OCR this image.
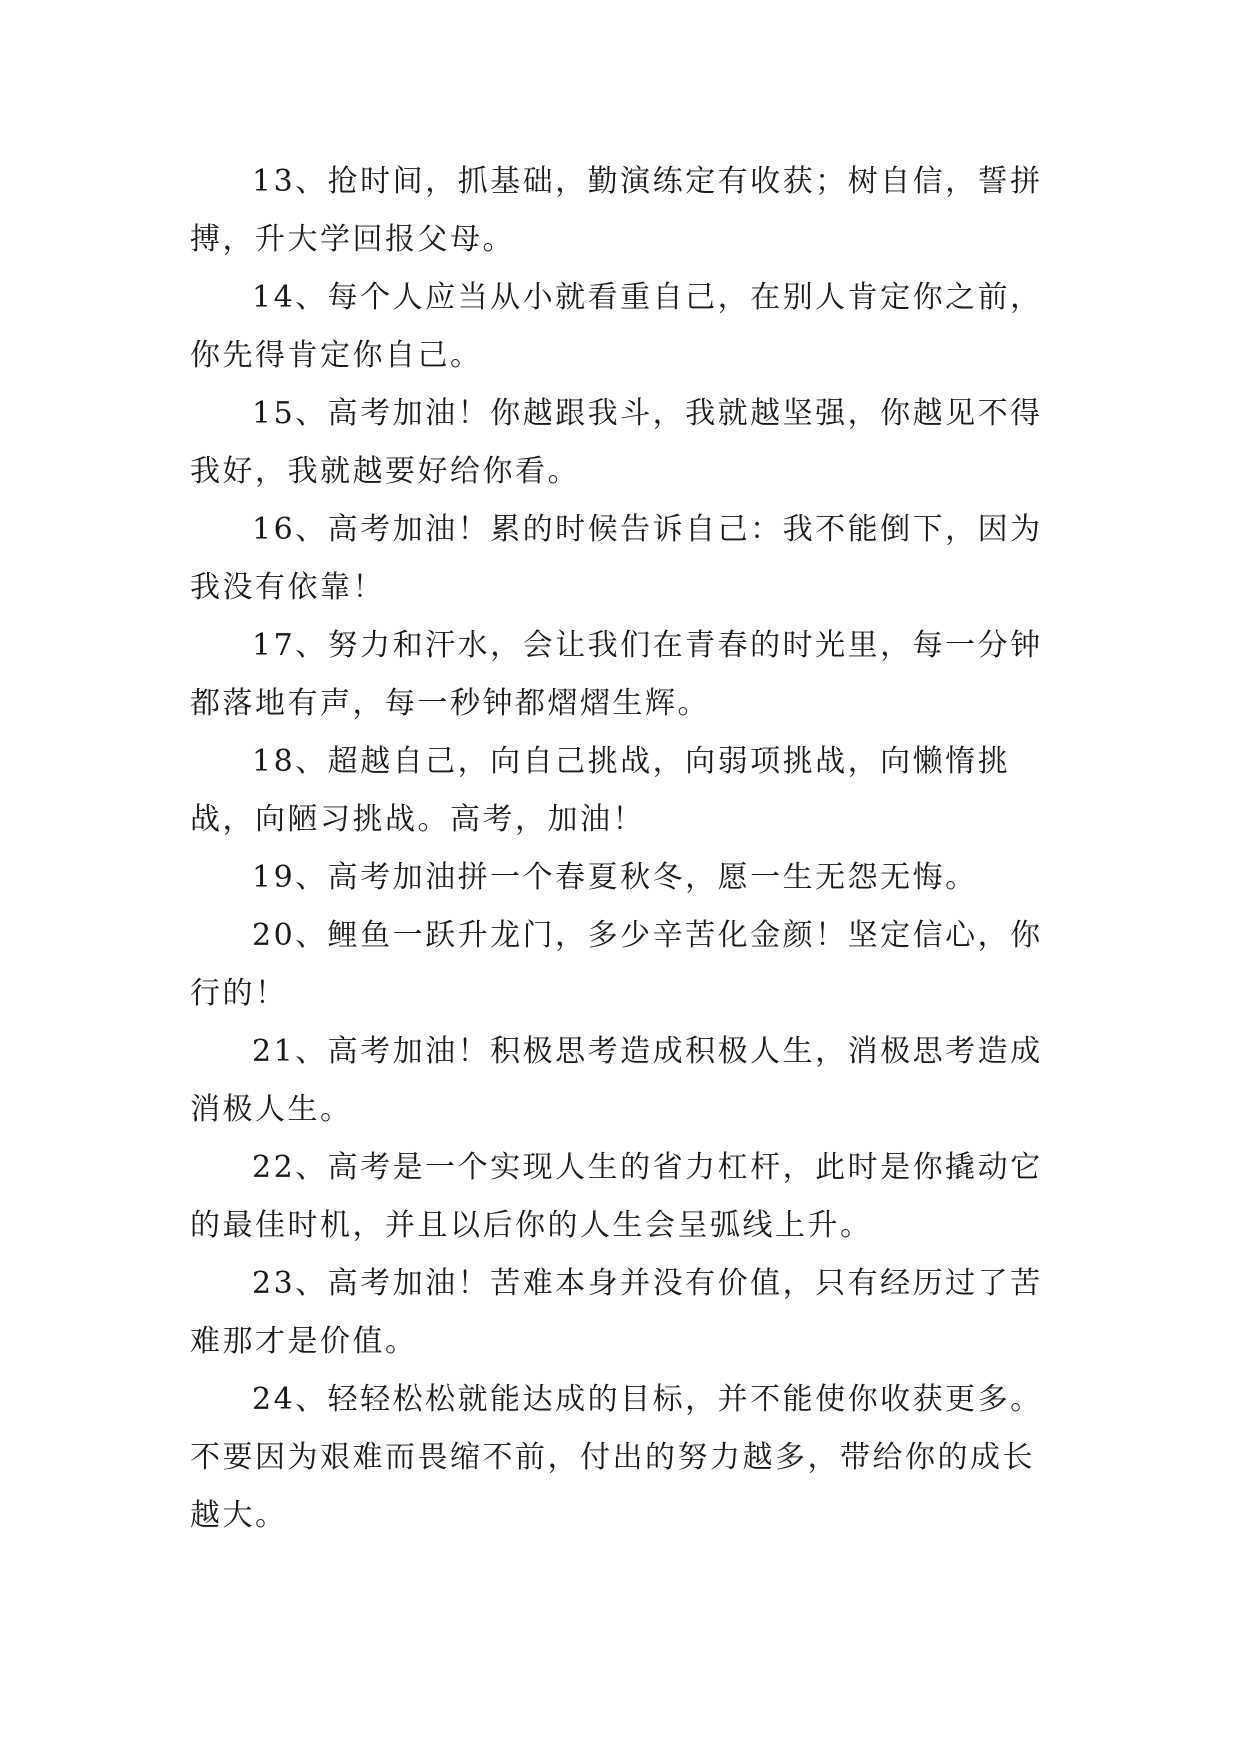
13、抢时间，抓基础，勤演练定有收获；树自信，誓拼搏，升大学回报父母。

14、每个人应当从小就看重自己，在别人肯定你之前，你先得肯定你自己。

15、高考加油！你越跟我斗，我就越坚强，你越见不得我好，我就越要好给你看。

16、高考加油！累的时候告诉自己：我不能倒下，因为我没有依靠！

17、努力和汗水，会让我们在青春的时光里，每一分钟都落地有声，每一秒钟都熠熠生辉。

18、超越自己，向自己挑战，向弱项挑战，向懒惰挑战，向陋习挑战。高考，加油！

19、高考加油拼一个春夏秋冬，愿一生无怨无悔。

20、鲤鱼一跃升龙门，多少辛苦化金颜！坚定信心，你行的！

21、高考加油！积极思考造成积极人生，消极思考造成消极人生。

22、高考是一个实现人生的省力杠杆，此时是你撬动它的最佳时机，并且以后你的人生会呈弧线上升。

23、高考加油！苦难本身并没有价值，只有经历过了苦难那才是价值。

24、轻轻松松就能达成的目标，并不能使你收获更多。不要因为艰难而畏缩不前，付出的努力越多，带给你的成长越大。
